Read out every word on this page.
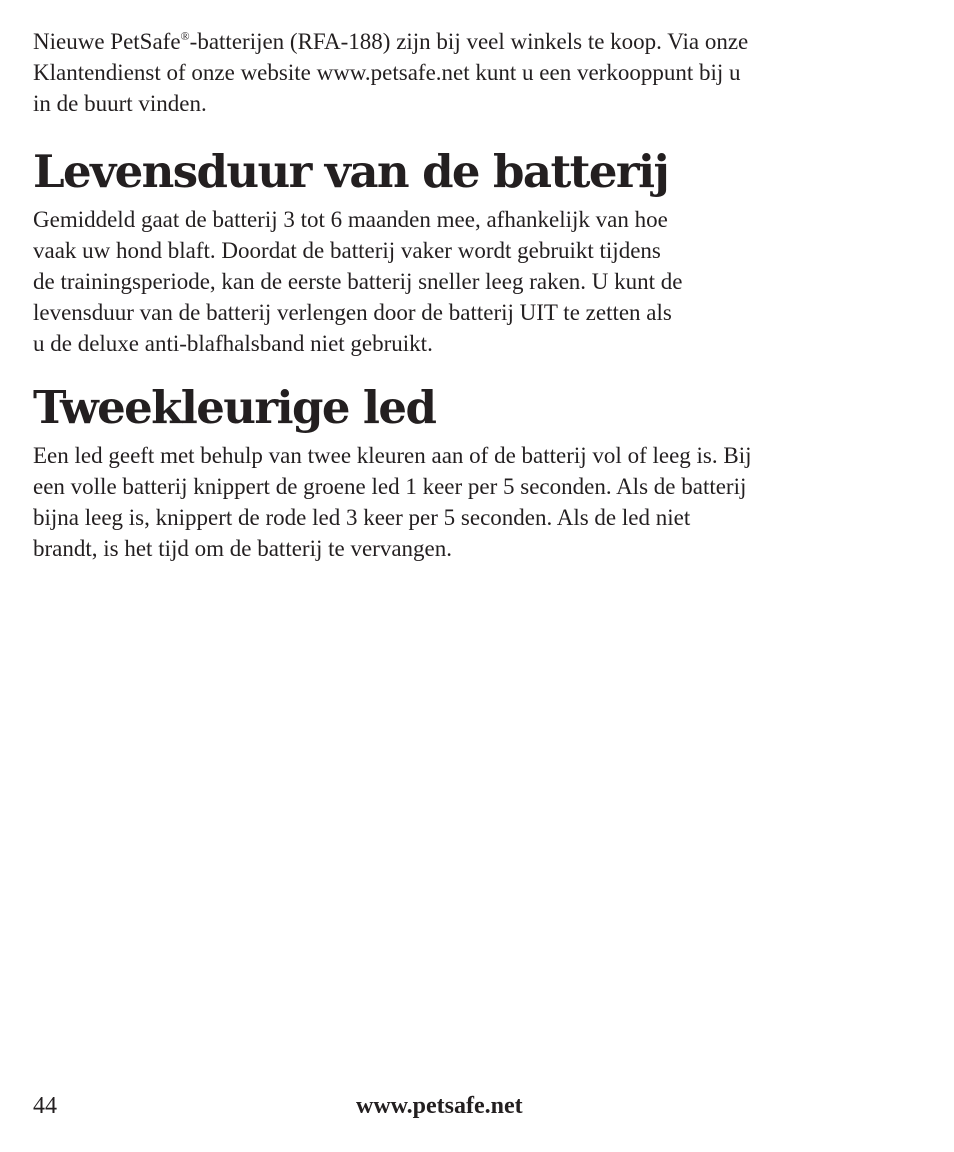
Nieuwe PetSafe®-batterijen (RFA-188) zijn bij veel winkels te koop. Via onze
Klantendienst of onze website www.petsafe.net kunt u een verkooppunt bij u
in de buurt vinden.

Levensduur van de batterij

Gemiddeld gaat de batterij 3 tot 6 maanden mee, afhankelijk van hoe
vaak uw hond blaft. Doordat de batterij vaker wordt gebruikt tijdens
de trainingsperiode, kan de eerste batterij sneller leeg raken. U kunt de
levensduur van de batterij verlengen door de batterij UIT te zetten als
u de deluxe anti-blafhalsband niet gebruikt.

Tweekleurige led

Een led geeft met behulp van twee kleuren aan of de batterij vol of leeg is. Bij
een volle batterij knippert de groene led 1 keer per 5 seconden. Als de batterij
bijna leeg is, knippert de rode led 3 keer per 5 seconden. Als de led niet
brandt, is het tijd om de batterij te vervangen.

44	www.petsafe.net
